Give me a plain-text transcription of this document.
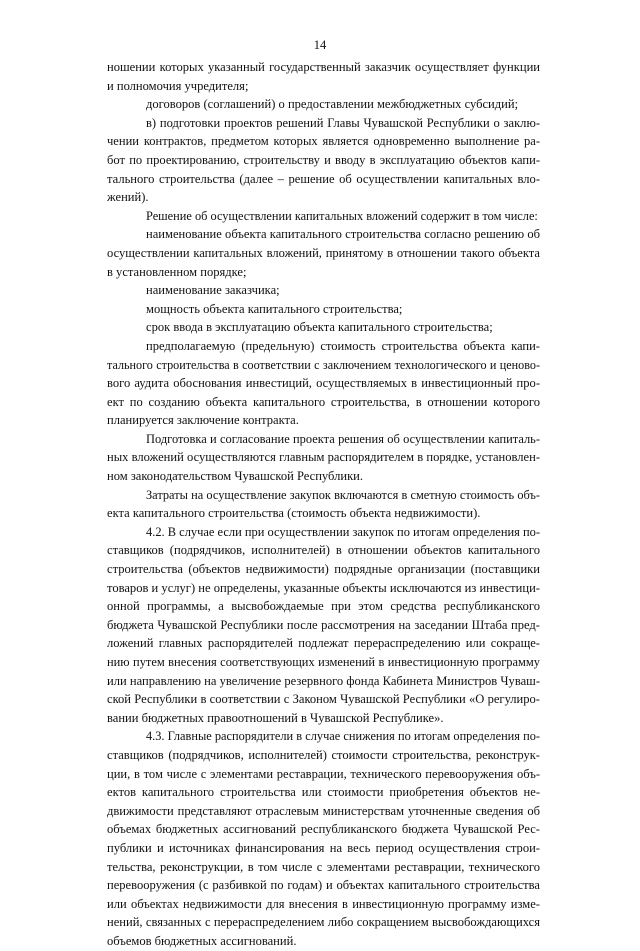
14
ношении которых указанный государственный заказчик осуществляет функции
и полномочия учредителя;
договоров (соглашений) о предоставлении межбюджетных субсидий;
в) подготовки проектов решений Главы Чувашской Республики о заклю-
чении контрактов, предметом которых является одновременно выполнение ра-
бот по проектированию, строительству и вводу в эксплуатацию объектов капи-
тального строительства (далее – решение об осуществлении капитальных вло-
жений).
Решение об осуществлении капитальных вложений содержит в том числе:
наименование объекта капитального строительства согласно решению об
осуществлении капитальных вложений, принятому в отношении такого объекта
в установленном порядке;
наименование заказчика;
мощность объекта капитального строительства;
срок ввода в эксплуатацию объекта капитального строительства;
предполагаемую (предельную) стоимость строительства объекта капи-
тального строительства в соответствии с заключением технологического и ценово-
вого аудита обоснования инвестиций, осуществляемых в инвестиционный про-
ект по созданию объекта капитального строительства, в отношении которого
планируется заключение контракта.
Подготовка и согласование проекта решения об осуществлении капиталь-
ных вложений осуществляются главным распорядителем в порядке, установлен-
ном законодательством Чувашской Республики.
Затраты на осуществление закупок включаются в сметную стоимость объ-
екта капитального строительства (стоимость объекта недвижимости).
4.2. В случае если при осуществлении закупок по итогам определения по-
ставщиков (подрядчиков, исполнителей) в отношении объектов капитального
строительства (объектов недвижимости) подрядные организации (поставщики
товаров и услуг) не определены, указанные объекты исключаются из инвестици-
онной программы, а высвобождаемые при этом средства республиканского
бюджета Чувашской Республики после рассмотрения на заседании Штаба пред-
ложений главных распорядителей подлежат перераспределению или сокраще-
нию путем внесения соответствующих изменений в инвестиционную программу
или направлению на увеличение резервного фонда Кабинета Министров Чуваш-
ской Республики в соответствии с Законом Чувашской Республики «О регулиро-
вании бюджетных правоотношений в Чувашской Республике».
4.3. Главные распорядители в случае снижения по итогам определения по-
ставщиков (подрядчиков, исполнителей) стоимости строительства, реконструк-
ции, в том числе с элементами реставрации, технического перевооружения объ-
ектов капитального строительства или стоимости приобретения объектов не-
движимости представляют отраслевым министерствам уточненные сведения об
объемах бюджетных ассигнований республиканского бюджета Чувашской Рес-
публики и источниках финансирования на весь период осуществления строи-
тельства, реконструкции, в том числе с элементами реставрации, технического
перевооружения (с разбивкой по годам) и объектах капитального строительства
или объектах недвижимости для внесения в инвестиционную программу изме-
нений, связанных с перераспределением либо сокращением высвобождающихся
объемов бюджетных ассигнований.
